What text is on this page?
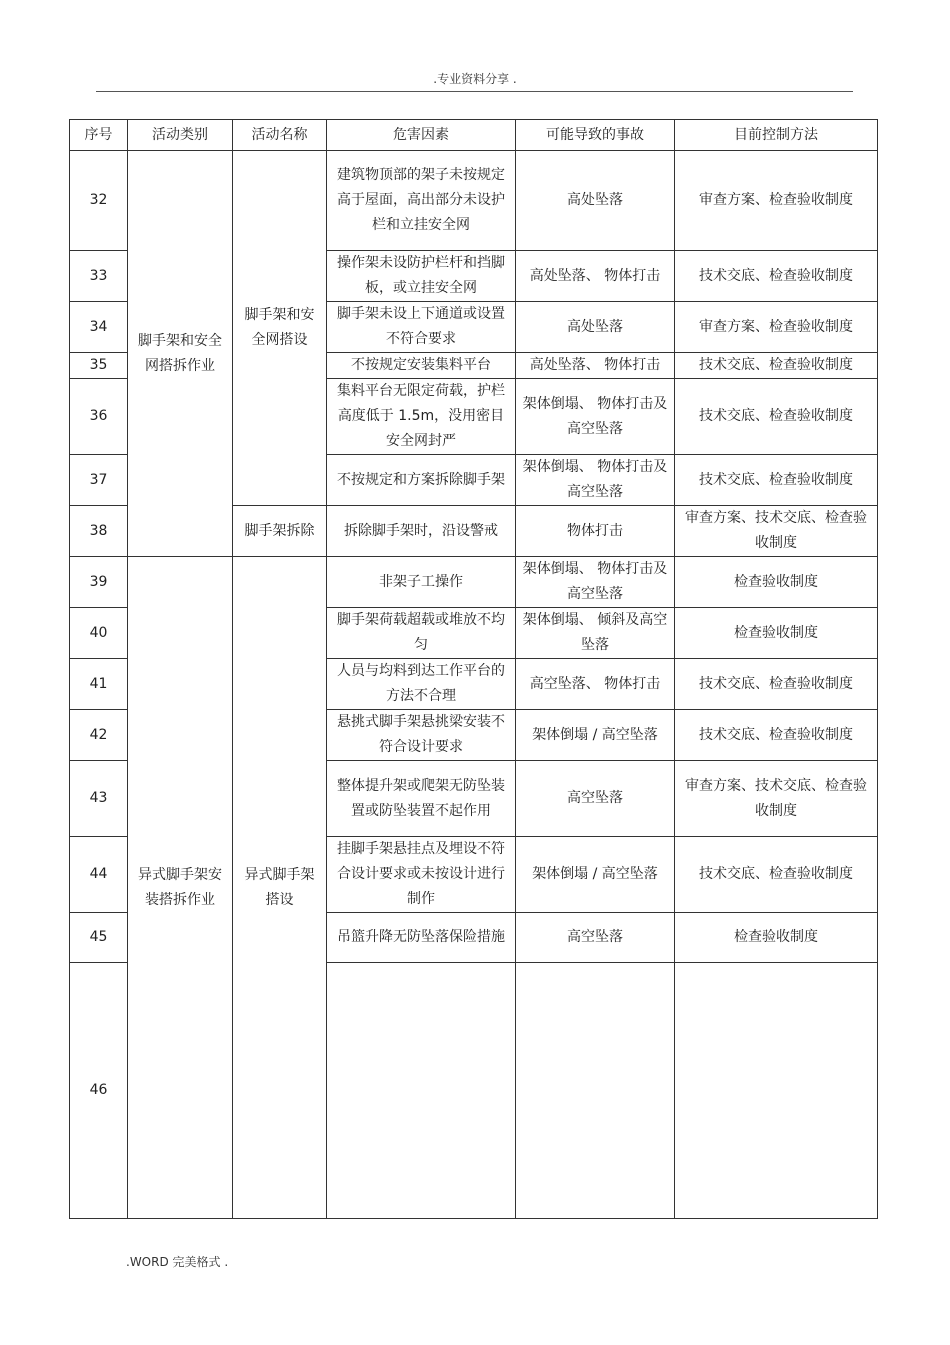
.专业资料分享 .
序号	活动类别	活动名称	危害因素	可能导致的事故	目前控制方法
32	脚手架和安全网搭拆作业	脚手架和安全网搭设	建筑物顶部的架子未按规定高于屋面，高出部分未设护栏和立挂安全网	高处坠落	审查方案、检查验收制度
33			操作架未设防护栏杆和挡脚板，或立挂安全网	高处坠落、 物体打击	技术交底、检查验收制度
34			脚手架未设上下通道或设置不符合要求	高处坠落	审查方案、检查验收制度
35			不按规定安装集料平台	高处坠落、 物体打击	技术交底、检查验收制度
36			集料平台无限定荷载，护栏高度低于 1.5m，没用密目安全网封严	架体倒塌、 物体打击及高空坠落	技术交底、检查验收制度
37			不按规定和方案拆除脚手架	架体倒塌、 物体打击及高空坠落	技术交底、检查验收制度
38		脚手架拆除	拆除脚手架时，沿设警戒	物体打击	审查方案、技术交底、检查验收制度
39	异式脚手架安装搭拆作业	异式脚手架搭设	非架子工操作	架体倒塌、 物体打击及高空坠落	检查验收制度
40			脚手架荷载超载或堆放不均匀	架体倒塌、 倾斜及高空坠落	检查验收制度
41			人员与均料到达工作平台的方法不合理	高空坠落、 物体打击	技术交底、检查验收制度
42			悬挑式脚手架悬挑梁安装不符合设计要求	架体倒塌 / 高空坠落	技术交底、检查验收制度
43			整体提升架或爬架无防坠装置或防坠装置不起作用	高空坠落	审查方案、技术交底、检查验收制度
44			挂脚手架悬挂点及埋设不符合设计要求或未按设计进行制作	架体倒塌 / 高空坠落	技术交底、检查验收制度
45			吊篮升降无防坠落保险措施	高空坠落	检查验收制度
46					
.WORD 完美格式 .
